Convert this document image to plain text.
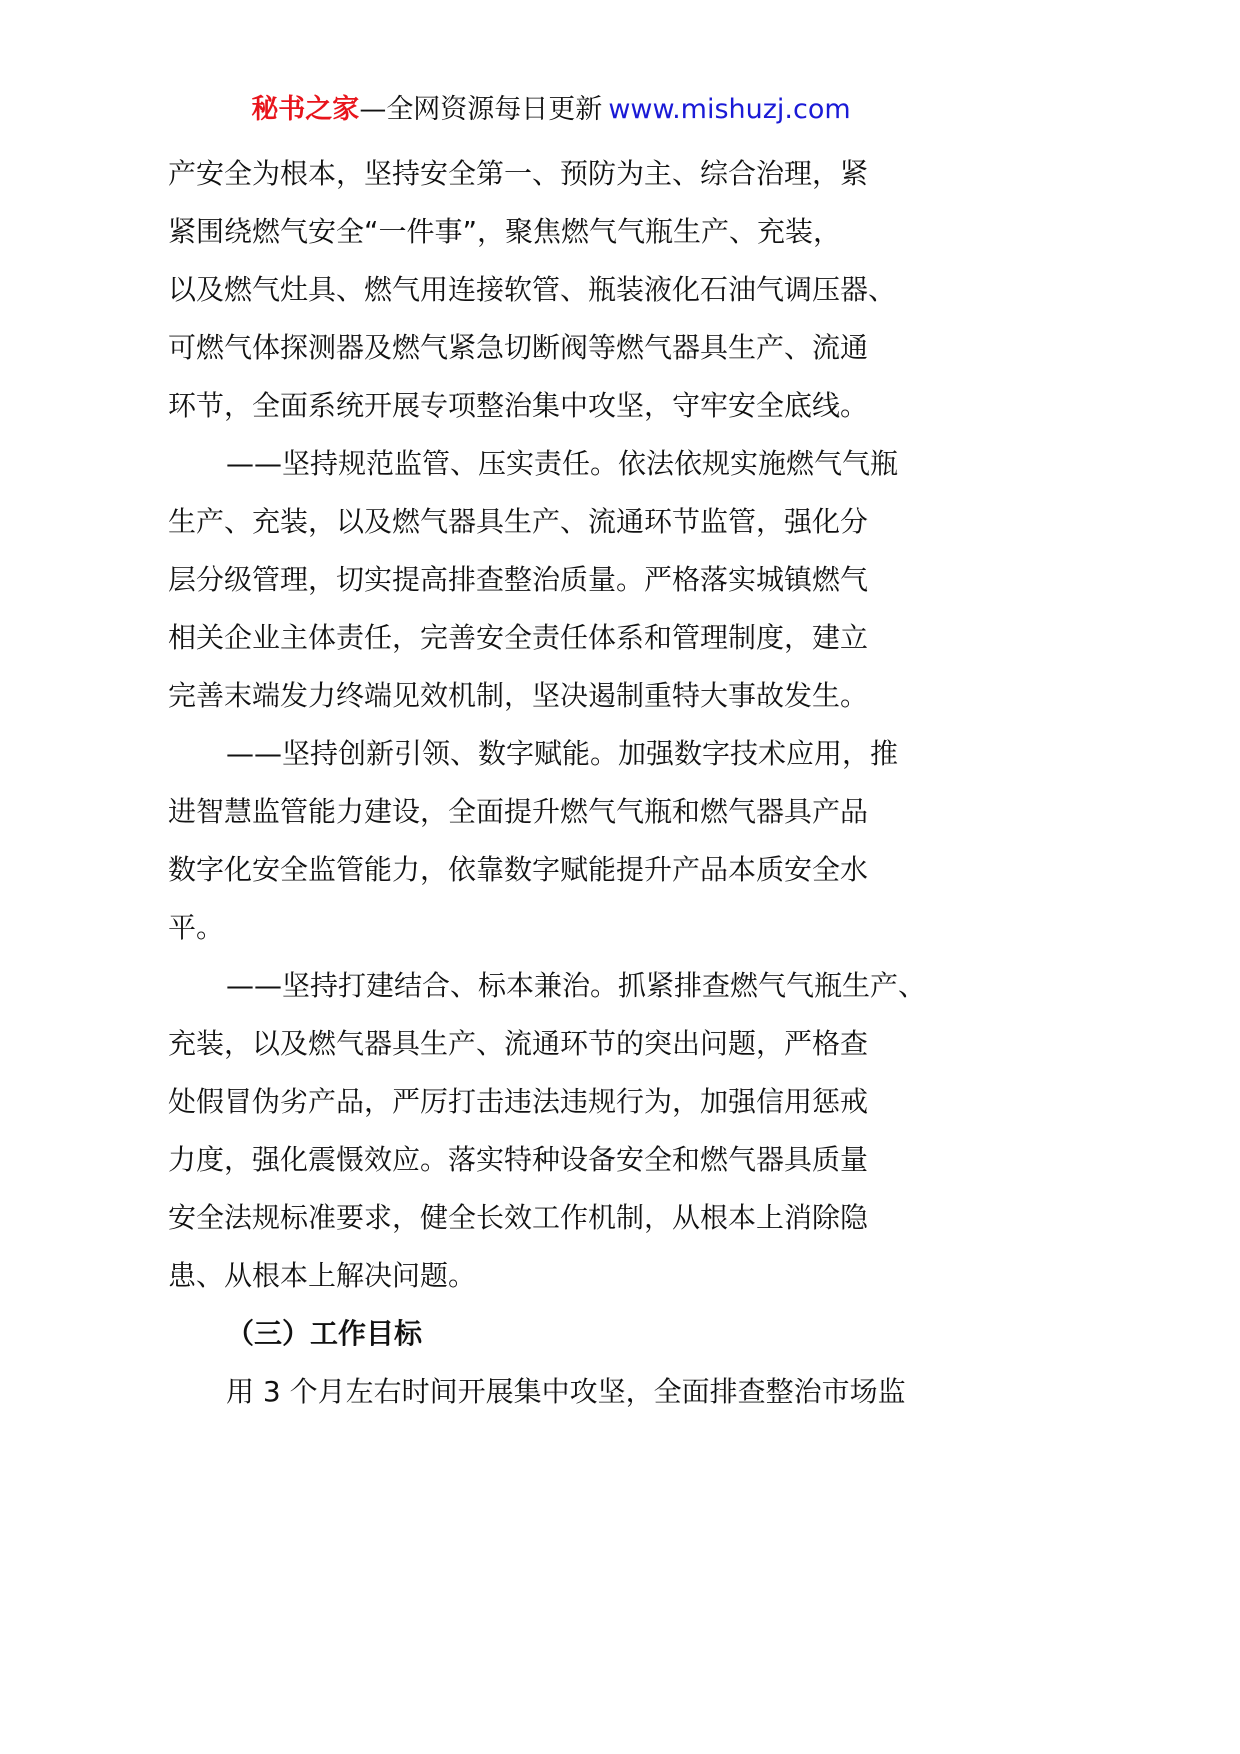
秘书之家—全网资源每日更新 www.mishuzj.com
产安全为根本，坚持安全第一、预防为主、综合治理，紧
紧围绕燃气安全“一件事”，聚焦燃气气瓶生产、充装，
以及燃气灶具、燃气用连接软管、瓶装液化石油气调压器、
可燃气体探测器及燃气紧急切断阀等燃气器具生产、流通
环节，全面系统开展专项整治集中攻坚，守牢安全底线。
——坚持规范监管、压实责任。依法依规实施燃气气瓶
生产、充装，以及燃气器具生产、流通环节监管，强化分
层分级管理，切实提高排查整治质量。严格落实城镇燃气
相关企业主体责任，完善安全责任体系和管理制度，建立
完善末端发力终端见效机制，坚决遏制重特大事故发生。
——坚持创新引领、数字赋能。加强数字技术应用，推
进智慧监管能力建设，全面提升燃气气瓶和燃气器具产品
数字化安全监管能力，依靠数字赋能提升产品本质安全水
平。
——坚持打建结合、标本兼治。抓紧排查燃气气瓶生产、
充装，以及燃气器具生产、流通环节的突出问题，严格查
处假冒伪劣产品，严厉打击违法违规行为，加强信用惩戒
力度，强化震慑效应。落实特种设备安全和燃气器具质量
安全法规标准要求，健全长效工作机制，从根本上消除隐
患、从根本上解决问题。
（三）工作目标
用 3 个月左右时间开展集中攻坚，全面排查整治市场监
